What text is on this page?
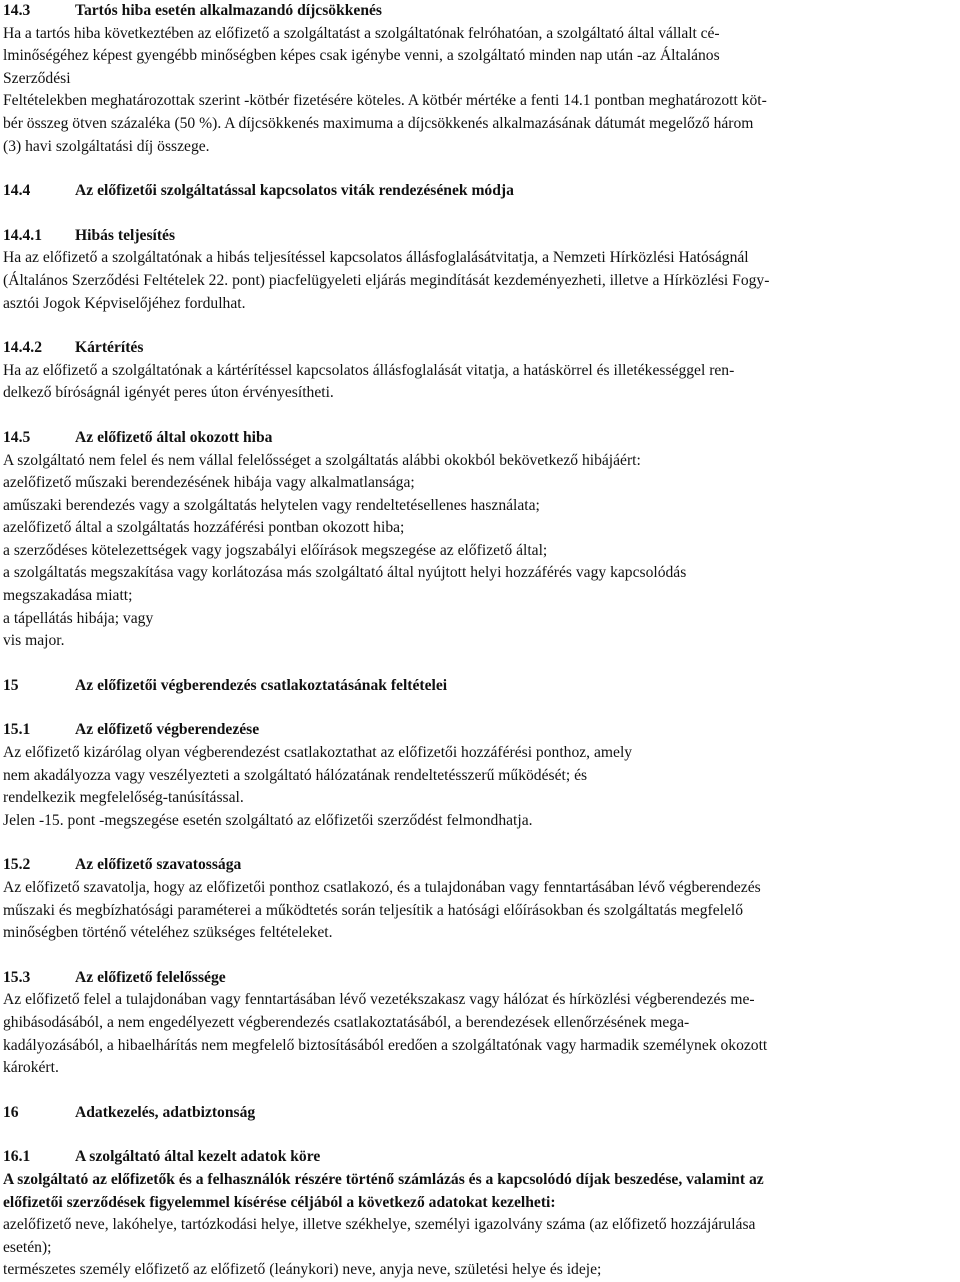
14.3	Tartós hiba esetén alkalmazandó díjcsökkenés

Ha a tartós hiba következtében az előfizető a szolgáltatást a szolgáltatónak felróhatóan, a szolgáltató által vállalt cé-
lminőségéhez képest gyengébb minőségben képes csak igénybe venni, a szolgáltató minden nap után -az Általános
Szerződési
Feltételekben meghatározottak szerint -kötbér fizetésére köteles. A kötbér mértéke a fenti 14.1 pontban meghatározott köt-
bér összeg ötven százaléka (50 %). A díjcsökkenés maximuma a díjcsökkenés alkalmazásának dátumát megelőző három
(3) havi szolgáltatási díj összege.

14.4	Az előfizetői szolgáltatással kapcsolatos viták rendezésének módja

14.4.1 Hibás teljesítés

Ha az előfizető a szolgáltatónak a hibás teljesítéssel kapcsolatos állásfoglalásátvitatja, a Nemzeti Hírközlési Hatóságnál
(Általános Szerződési Feltételek 22. pont) piacfelügyeleti eljárás megindítását kezdeményezheti, illetve a Hírközlési Fogy-
asztói Jogok Képviselőjéhez fordulhat.

14.4.2 Kártérítés

Ha az előfizető a szolgáltatónak a kártérítéssel kapcsolatos állásfoglalását vitatja, a hatáskörrel és illetékességgel ren-
delkező bíróságnál igényét peres úton érvényesítheti.

14.5	Az előfizető által okozott hiba

A szolgáltató nem felel és nem vállal felelősséget a szolgáltatás alábbi okokból bekövetkező hibájáért:
azelőfizető műszaki berendezésének hibája vagy alkalmatlansága;
aműszaki berendezés vagy a szolgáltatás helytelen vagy rendeltetésellenes használata;
azelőfizető által a szolgáltatás hozzáférési pontban okozott hiba;
a szerződéses kötelezettségek vagy jogszabályi előírások megszegése az előfizető által;
a szolgáltatás megszakítása vagy korlátozása más szolgáltató által nyújtott helyi hozzáférés vagy kapcsolódás
megszakadása miatt;
a tápellátás hibája; vagy
vis major.

15	Az előfizetői végberendezés csatlakoztatásának feltételei

15.1	Az előfizető végberendezése

Az előfizető kizárólag olyan végberendezést csatlakoztathat az előfizetői hozzáférési ponthoz, amely
nem akadályozza vagy veszélyezteti a szolgáltató hálózatának rendeltetésszerű működését; és
rendelkezik megfelelőség-tanúsítással.
Jelen -15. pont -megszegése esetén szolgáltató az előfizetői szerződést felmondhatja.

15.2	Az előfizető szavatossága

Az előfizető szavatolja, hogy az előfizetői ponthoz csatlakozó, és a tulajdonában vagy fenntartásában lévő végberendezés
műszaki és megbízhatósági paraméterei a működtetés során teljesítik a hatósági előírásokban és szolgáltatás megfelelő
minőségben történő vételéhez szükséges feltételeket.

15.3	Az előfizető felelőssége

Az előfizető felel a tulajdonában vagy fenntartásában lévő vezetékszakasz vagy hálózat és hírközlési végberendezés me-
ghibásodásából, a nem engedélyezett végberendezés csatlakoztatásából, a berendezések ellenőrzésének mega-
kadályozásából, a hibaelhárítás nem megfelelő biztosításából eredően a szolgáltatónak vagy harmadik személynek okozott
károkért.

16	Adatkezelés, adatbiztonság

16.1	A szolgáltató által kezelt adatok köre

A szolgáltató az előfizetők és a felhasználók részére történő számlázás és a kapcsolódó díjak beszedése, valamint az
előfizetői szerződések figyelemmel kísérése céljából a következő adatokat kezelheti:
azelőfizető neve, lakóhelye, tartózkodási helye, illetve székhelye, személyi igazolvány száma (az előfizető hozzájárulása
esetén);
természetes személy előfizető az előfizető (leánykori) neve, anyja neve, születési helye és ideje;
